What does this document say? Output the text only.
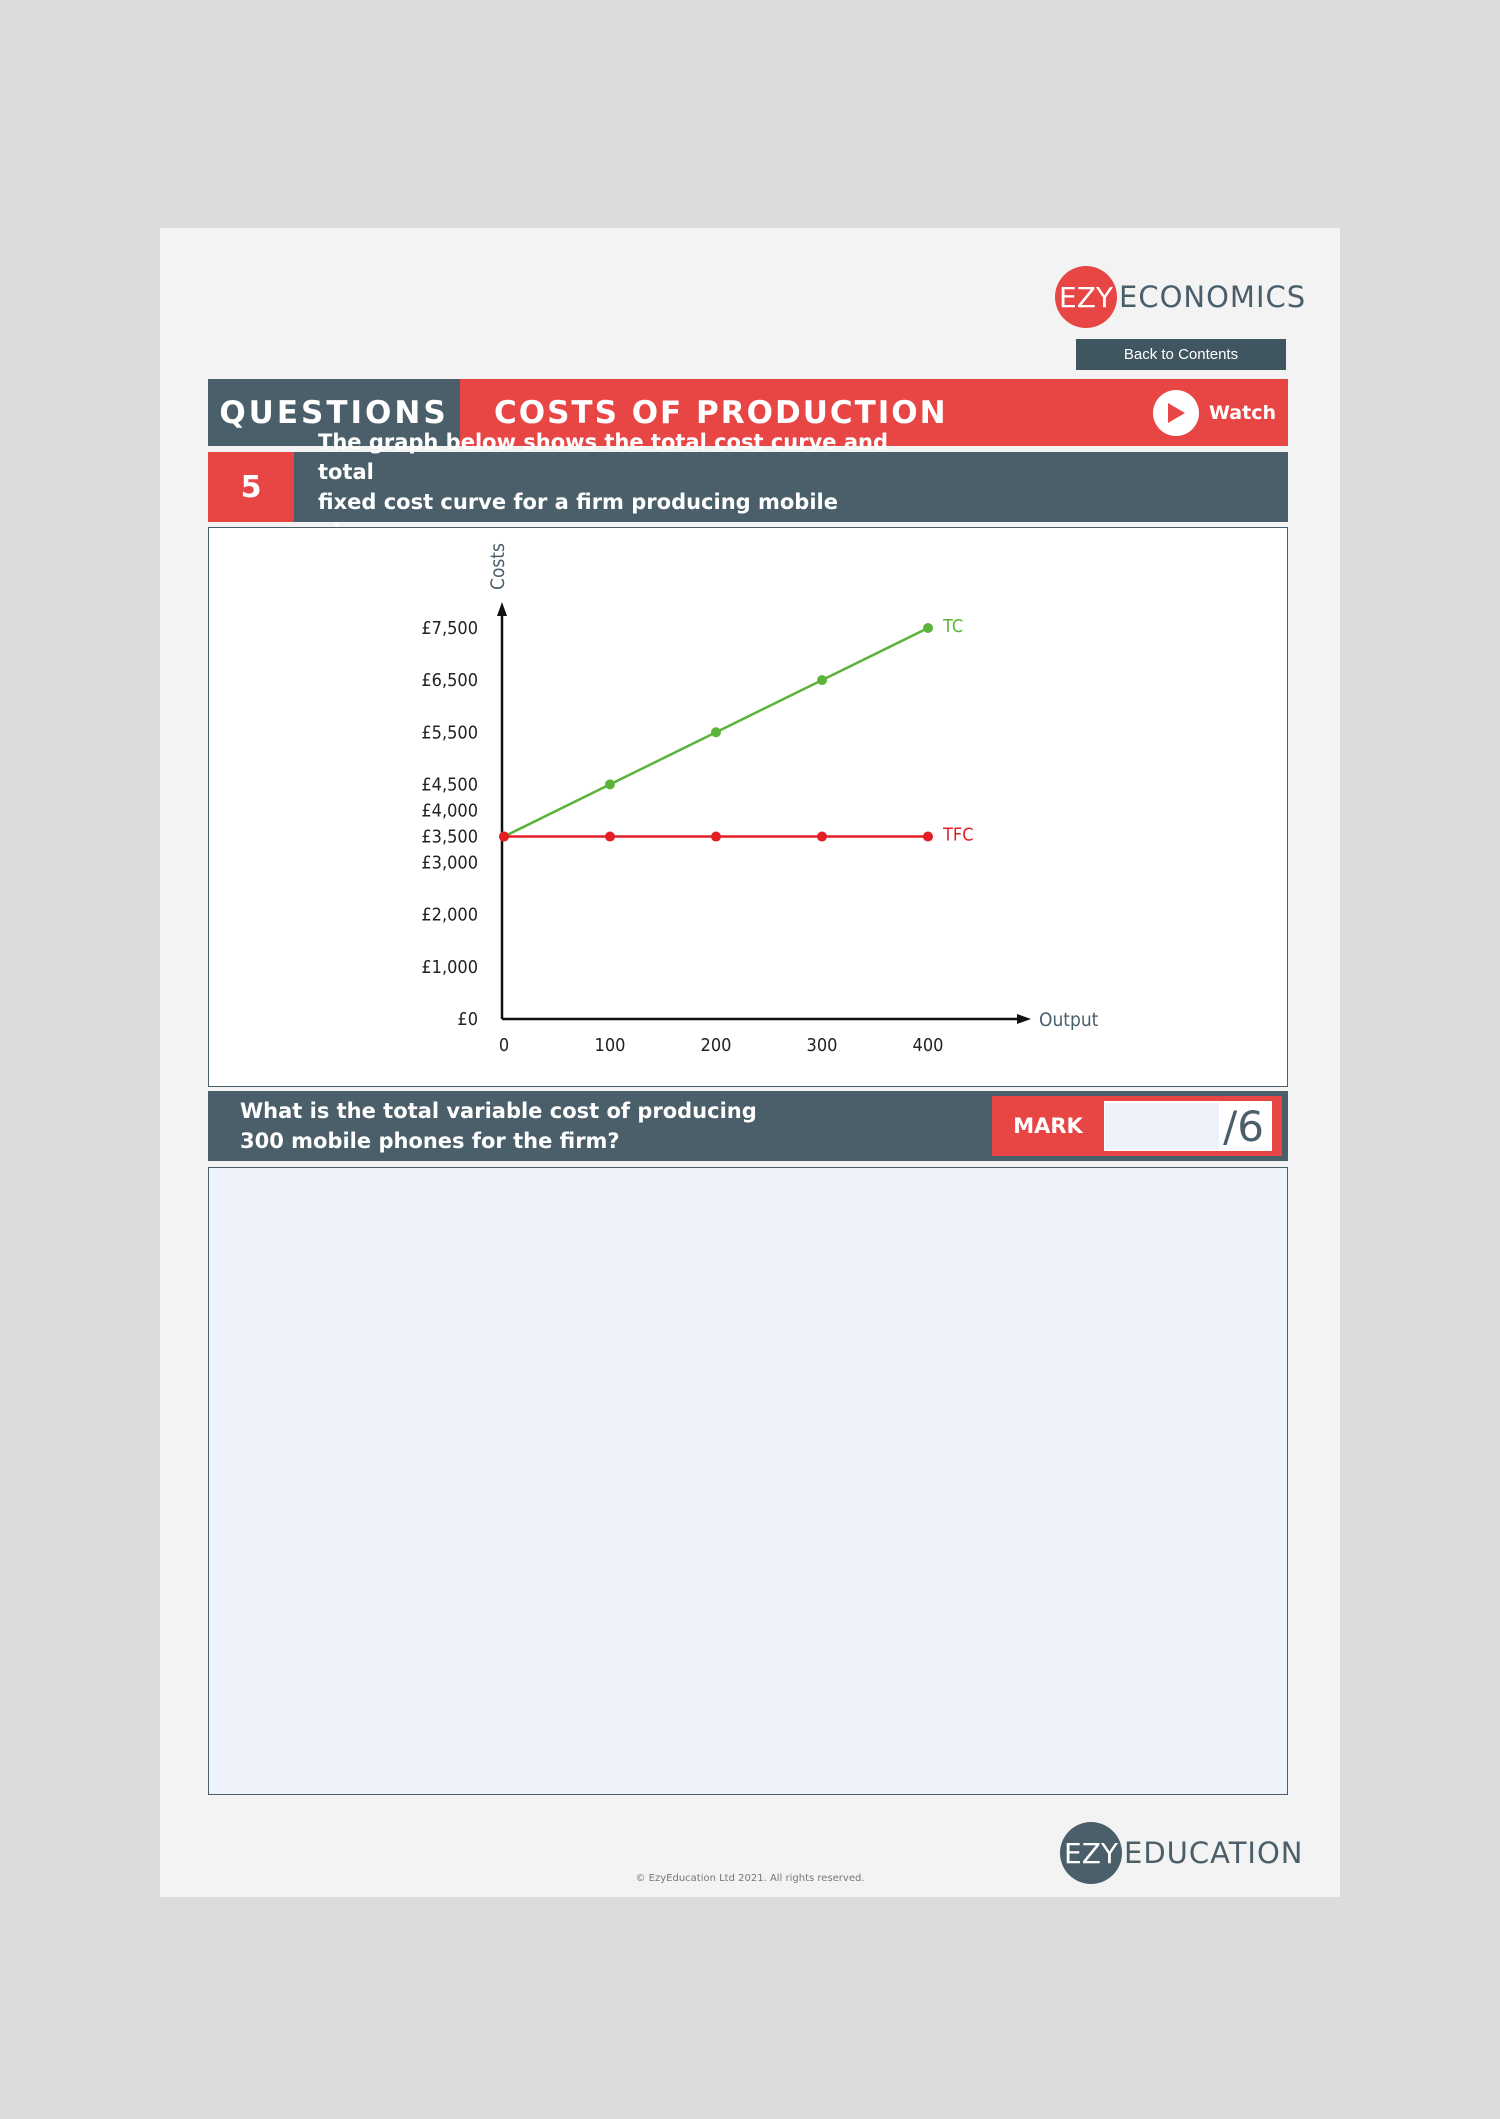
EZY ECONOMICS
Back to Contents
QUESTIONS	COSTS OF PRODUCTION	Watch
5
The graph below shows the total cost curve and total
fixed cost curve for a firm producing mobile
Costs
Output
£0
£1,000
£2,000
£3,000
£3,500
£4,000
£4,500
£5,500
£6,500
£7,500
0	100	200	300	400
TC
TFC
What is the total variable cost of producing
300 mobile phones for the firm?
MARK	/6
EZY EDUCATION
© EzyEducation Ltd 2021. All rights reserved.
